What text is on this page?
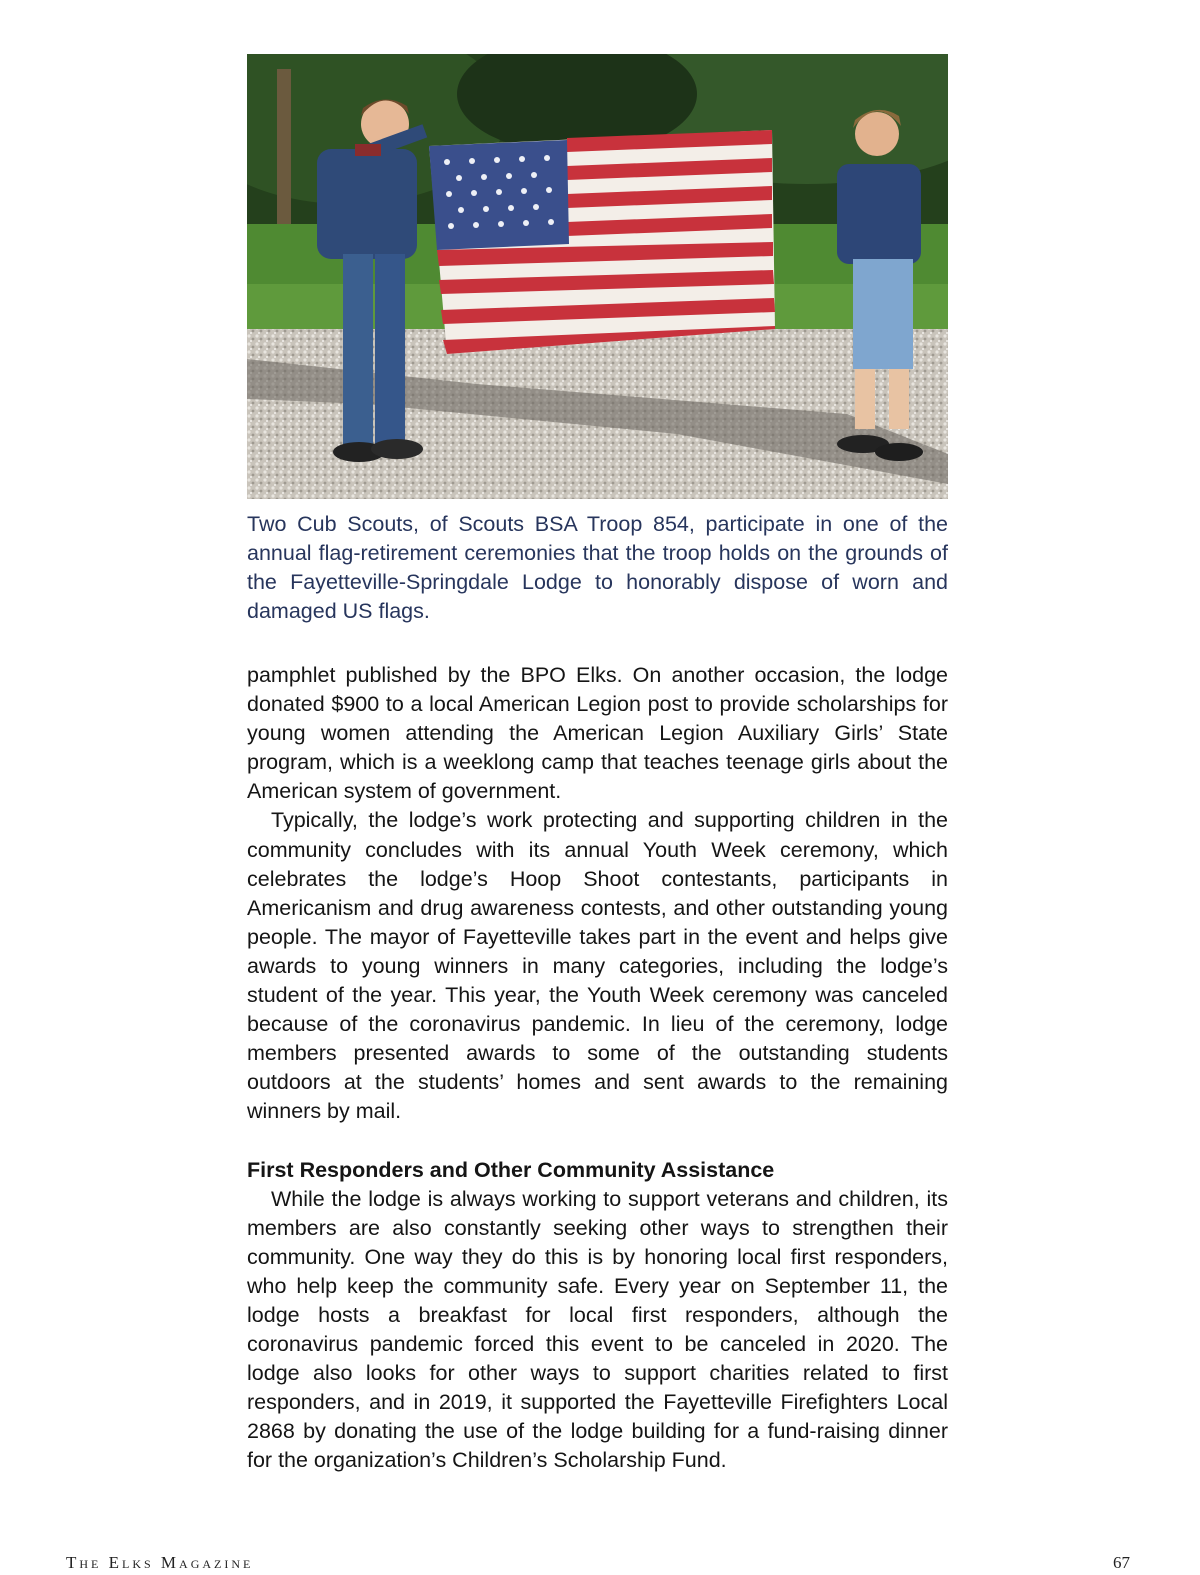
Two Cub Scouts, of Scouts BSA Troop 854, participate in one of the annual flag-retirement ceremonies that the troop holds on the grounds of the Fayetteville-Springdale Lodge to honorably dispose of worn and damaged US flags.

pamphlet published by the BPO Elks. On another occasion, the lodge donated $900 to a local American Legion post to provide scholarships for young women attending the American Legion Auxiliary Girls’ State program, which is a weeklong camp that teaches teenage girls about the American system of government.

Typically, the lodge’s work protecting and supporting children in the community concludes with its annual Youth Week ceremony, which celebrates the lodge’s Hoop Shoot contestants, participants in Americanism and drug awareness contests, and other outstanding young people. The mayor of Fayetteville takes part in the event and helps give awards to young winners in many categories, including the lodge’s student of the year. This year, the Youth Week ceremony was canceled because of the coronavirus pandemic. In lieu of the ceremony, lodge members presented awards to some of the outstanding students outdoors at the students’ homes and sent awards to the remaining winners by mail.

First Responders and Other Community Assistance

While the lodge is always working to support veterans and children, its members are also constantly seeking other ways to strengthen their community. One way they do this is by honoring local first responders, who help keep the community safe. Every year on September 11, the lodge hosts a breakfast for local first responders, although the coronavirus pandemic forced this event to be canceled in 2020. The lodge also looks for other ways to support charities related to first responders, and in 2019, it supported the Fayetteville Firefighters Local 2868 by donating the use of the lodge building for a fund-raising dinner for the organization’s Children’s Scholarship Fund.

The Elks Magazine	67
